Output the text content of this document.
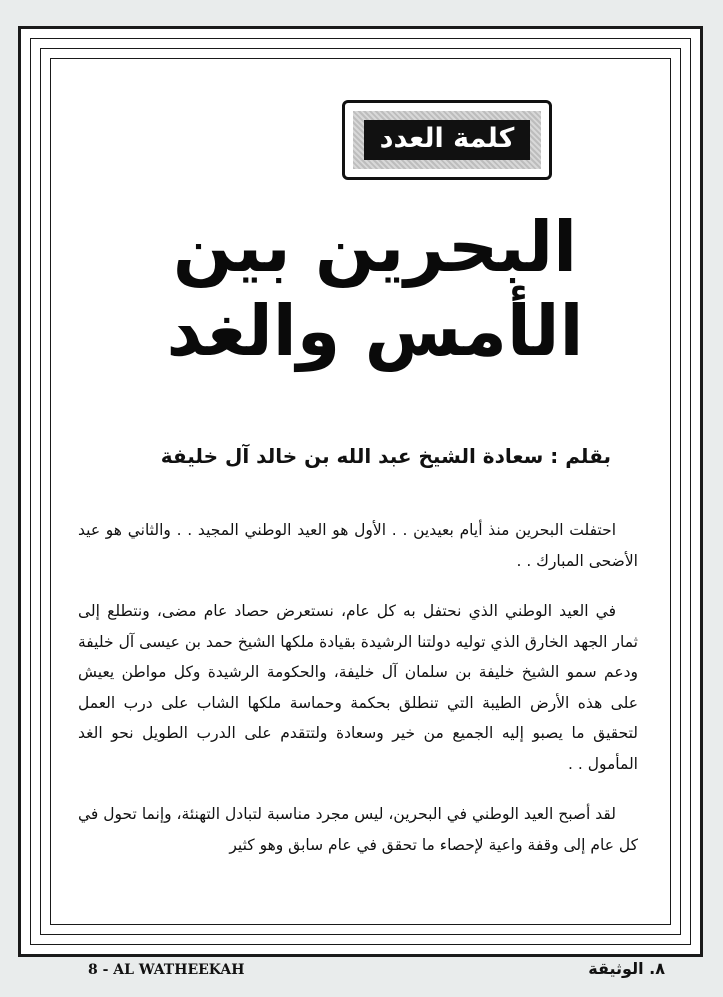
كلمة العدد
البحرين بين
الأمس والغد
بقلم : سعادة الشيخ عبد الله بن خالد آل خليفة

احتفلت البحرين منذ أيام بعيدين . . الأول هو العيد الوطني المجيد . . والثاني هو عيد الأضحى المبارك . .

في العيد الوطني الذي نحتفل به كل عام، نستعرض حصاد عام مضى، ونتطلع إلى ثمار الجهد الخارق الذي توليه دولتنا الرشيدة بقيادة ملكها الشيخ حمد بن عيسى آل خليفة ودعم سمو الشيخ خليفة بن سلمان آل خليفة، والحكومة الرشيدة وكل مواطن يعيش على هذه الأرض الطيبة التي تنطلق بحكمة وحماسة ملكها الشاب على درب العمل لتحقيق ما يصبو إليه الجميع من خير وسعادة ولتتقدم على الدرب الطويل نحو الغد المأمول . .

لقد أصبح العيد الوطني في البحرين، ليس مجرد مناسبة لتبادل التهنئة، وإنما تحول في كل عام إلى وقفة واعية لإحصاء ما تحقق في عام سابق وهو كثير

8 - AL WATHEEKAH	٨. الوثيقة
